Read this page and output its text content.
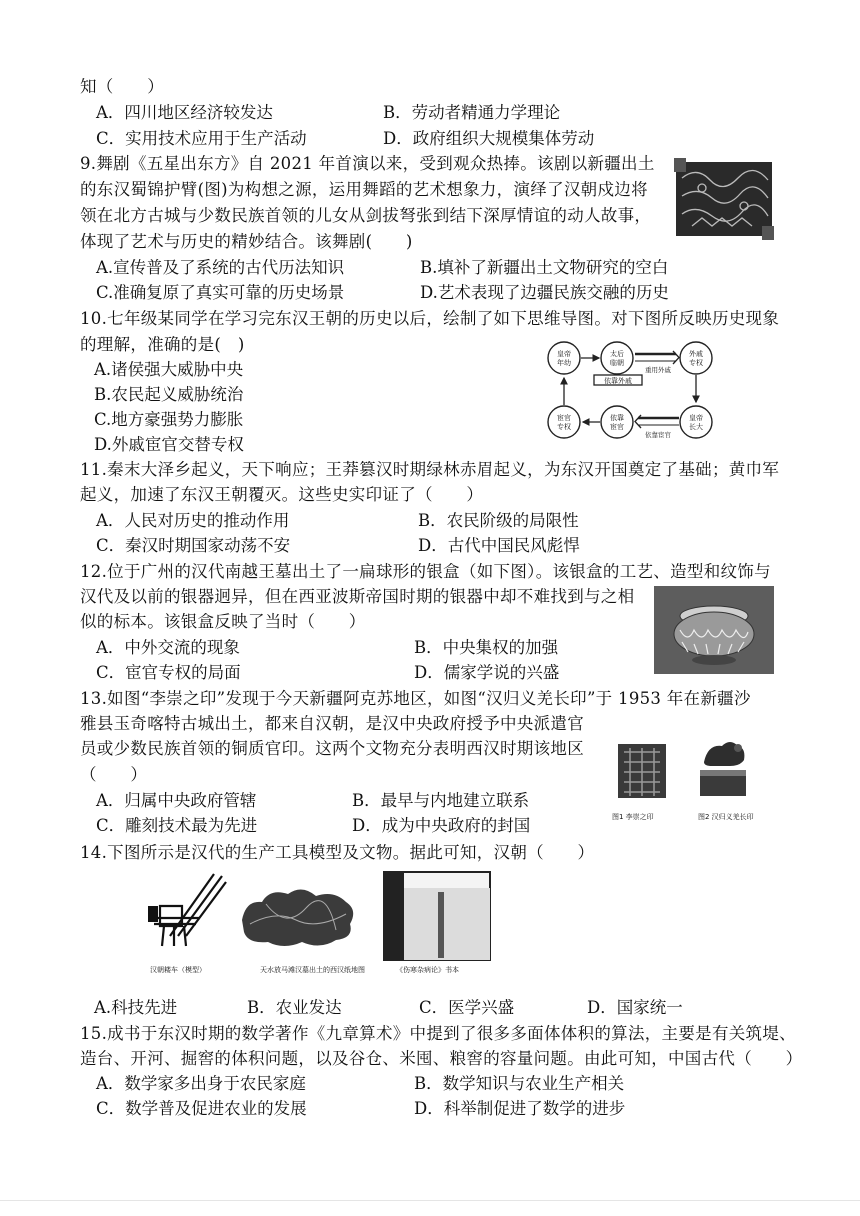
知（　　）
A．四川地区经济较发达	B．劳动者精通力学理论
C．实用技术应用于生产活动	D．政府组织大规模集体劳动
9.舞剧《五星出东方》自 2021 年首演以来，受到观众热捧。该剧以新疆出土
的东汉蜀锦护臂(图)为构想之源，运用舞蹈的艺术想象力，演绎了汉朝戍边将
领在北方古城与少数民族首领的儿女从剑拔弩张到结下深厚情谊的动人故事，
体现了艺术与历史的精妙结合。该舞剧(　　)
A.宣传普及了系统的古代历法知识	B.填补了新疆出土文物研究的空白
C.准确复原了真实可靠的历史场景	D.艺术表现了边疆民族交融的历史
10.七年级某同学在学习完东汉王朝的历史以后，绘制了如下思维导图。对下图所反映历史现象
的理解，准确的是(　)
A.诸侯强大威胁中央
B.农民起义威胁统治
C.地方豪强势力膨胀
D.外戚宦官交替专权
皇帝
年幼
太后
临朝
依靠外戚
外戚
专权
皇帝
长大
依靠
宦官
宦官
专权
重用外戚
依靠宦官
11.秦末大泽乡起义，天下响应；王莽篡汉时期绿林赤眉起义，为东汉开国奠定了基础；黄巾军
起义，加速了东汉王朝覆灭。这些史实印证了（　　）
A．人民对历史的推动作用	B．农民阶级的局限性
C．秦汉时期国家动荡不安	D．古代中国民风彪悍
12.位于广州的汉代南越王墓出土了一扁球形的银盒（如下图）。该银盒的工艺、造型和纹饰与
汉代及以前的银器迥异，但在西亚波斯帝国时期的银器中却不难找到与之相
似的标本。该银盒反映了当时（　　）
A．中外交流的现象	B．中央集权的加强
C．宦官专权的局面	D．儒家学说的兴盛
13.如图“李崇之印”发现于今天新疆阿克苏地区，如图“汉归义羌长印”于 1953 年在新疆沙
雅县玉奇喀特古城出土，都来自汉朝，是汉中央政府授予中央派遣官
员或少数民族首领的铜质官印。这两个文物充分表明西汉时期该地区
（　　）
A．归属中央政府管辖	B．最早与内地建立联系
C．雕刻技术最为先进	D．成为中央政府的封国	图1 李崇之印	图2 汉归义羌长印
14.下图所示是汉代的生产工具模型及文物。据此可知，汉朝（　　）
汉朝耧车（模型）	天水放马滩汉墓出土的西汉纸地图	《伤寒杂病论》书本
A.科技先进	B．农业发达	C．医学兴盛	D．国家统一
15.成书于东汉时期的数学著作《九章算术》中提到了很多多面体体积的算法，主要是有关筑堤、
造台、开河、掘窖的体积问题，以及谷仓、米囤、粮窖的容量问题。由此可知，中国古代（　　）
A．数学家多出身于农民家庭	B．数学知识与农业生产相关
C．数学普及促进农业的发展	D．科举制促进了数学的进步
